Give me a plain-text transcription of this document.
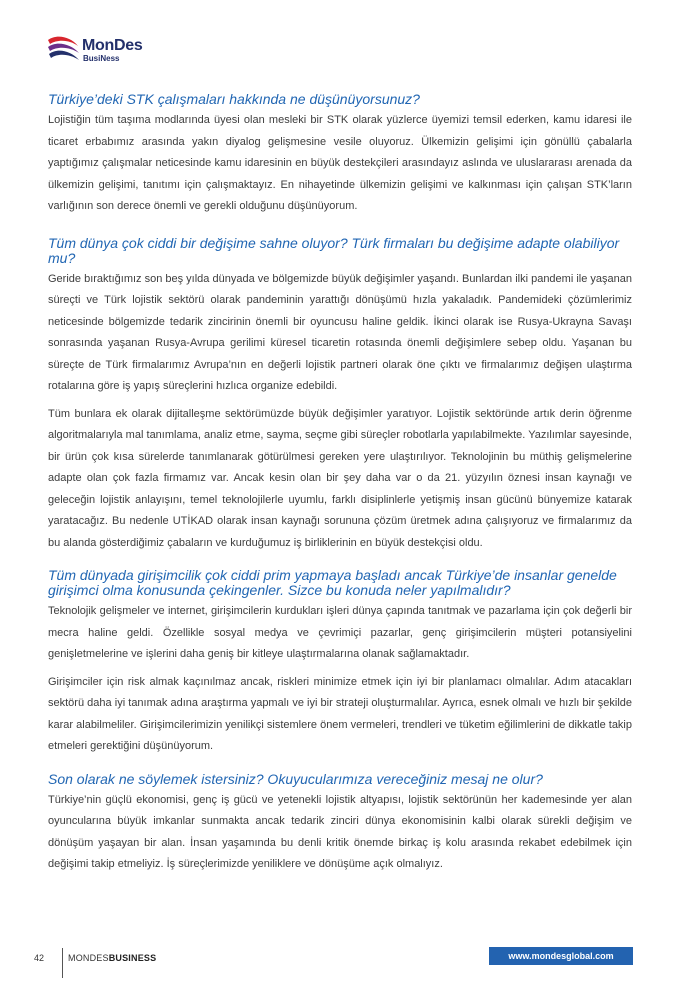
MonDes
BusiNess
Türkiye’deki STK çalışmaları hakkında ne düşünüyorsunuz?

Lojistiğin tüm taşıma modlarında üyesi olan mesleki bir STK olarak yüzlerce üyemizi temsil ederken, kamu idaresi ile ticaret erbabımız arasında yakın diyalog gelişmesine vesile oluyoruz. Ülkemizin gelişimi için gönüllü çabalarla yaptığımız çalışmalar neticesinde kamu idaresinin en büyük destekçileri arasındayız aslında ve uluslararası arenada da ülkemizin gelişimi, tanıtımı için çalışmaktayız. En nihayetinde ülkemizin gelişimi ve kalkınması için çalışan STK’ların varlığının son derece önemli ve gerekli olduğunu düşünüyorum.

Tüm dünya çok ciddi bir değişime sahne oluyor? Türk firmaları bu değişime adapte olabiliyor mu?

Geride bıraktığımız son beş yılda dünyada ve bölgemizde büyük değişimler yaşandı. Bunlardan ilki pandemi ile yaşanan süreçti ve Türk lojistik sektörü olarak pandeminin yarattığı dönüşümü hızla yakaladık. Pandemideki çözümlerimiz neticesinde bölgemizde tedarik zincirinin önemli bir oyuncusu haline geldik. İkinci olarak ise Rusya-Ukrayna Savaşı sonrasında yaşanan Rusya-Avrupa gerilimi küresel ticaretin rotasında önemli değişimlere sebep oldu. Yaşanan bu süreçte de Türk firmalarımız Avrupa’nın en değerli lojistik partneri olarak öne çıktı ve firmalarımız değişen ulaştırma rotalarına göre iş yapış süreçlerini hızlıca organize edebildi.

Tüm bunlara ek olarak dijitalleşme sektörümüzde büyük değişimler yaratıyor. Lojistik sektöründe artık derin öğrenme algoritmalarıyla mal tanımlama, analiz etme, sayma, seçme gibi süreçler robotlarla yapılabilmekte. Yazılımlar sayesinde, bir ürün çok kısa sürelerde tanımlanarak götürülmesi gereken yere ulaştırılıyor. Teknolojinin bu müthiş gelişmelerine adapte olan çok fazla firmamız var. Ancak kesin olan bir şey daha var o da 21. yüzyılın öznesi insan kaynağı ve geleceğin lojistik anlayışını, temel teknolojilerle uyumlu, farklı disiplinlerle yetişmiş insan gücünü bünyemize katarak yaratacağız. Bu nedenle UTİKAD olarak insan kaynağı sorununa çözüm üretmek adına çalışıyoruz ve firmalarımız da bu alanda gösterdiğimiz çabaların ve kurduğumuz iş birliklerinin en büyük destekçisi oldu.

Tüm dünyada girişimcilik çok ciddi prim yapmaya başladı ancak Türkiye’de insanlar genelde girişimci olma konusunda çekingenler. Sizce bu konuda neler yapılmalıdır?

Teknolojik gelişmeler ve internet, girişimcilerin kurdukları işleri dünya çapında tanıtmak ve pazarlama için çok değerli bir mecra haline geldi. Özellikle sosyal medya ve çevrimiçi pazarlar, genç girişimcilerin müşteri potansiyelini genişletmelerine ve işlerini daha geniş bir kitleye ulaştırmalarına olanak sağlamaktadır.

Girişimciler için risk almak kaçınılmaz ancak, riskleri minimize etmek için iyi bir planlamacı olmalılar. Adım atacakları sektörü daha iyi tanımak adına araştırma yapmalı ve iyi bir strateji oluşturmalılar. Ayrıca, esnek olmalı ve hızlı bir şekilde karar alabilmeliler. Girişimcilerimizin yenilikçi sistemlere önem vermeleri, trendleri ve tüketim eğilimlerini de dikkatle takip etmeleri gerektiğini düşünüyorum.

Son olarak ne söylemek istersiniz? Okuyucularımıza vereceğiniz mesaj ne olur?

Türkiye’nin güçlü ekonomisi, genç iş gücü ve yetenekli lojistik altyapısı, lojistik sektörünün her kademesinde yer alan oyuncularına büyük imkanlar sunmakta ancak tedarik zinciri dünya ekonomisinin kalbi olarak sürekli değişim ve dönüşüm yaşayan bir alan. İnsan yaşamında bu denli kritik önemde birkaç iş kolu arasında rekabet edebilmek için değişimi takip etmeliyiz. İş süreçlerimizde yeniliklere ve dönüşüme açık olmalıyız.

42	MONDESBUSINESS	www.mondesglobal.com
